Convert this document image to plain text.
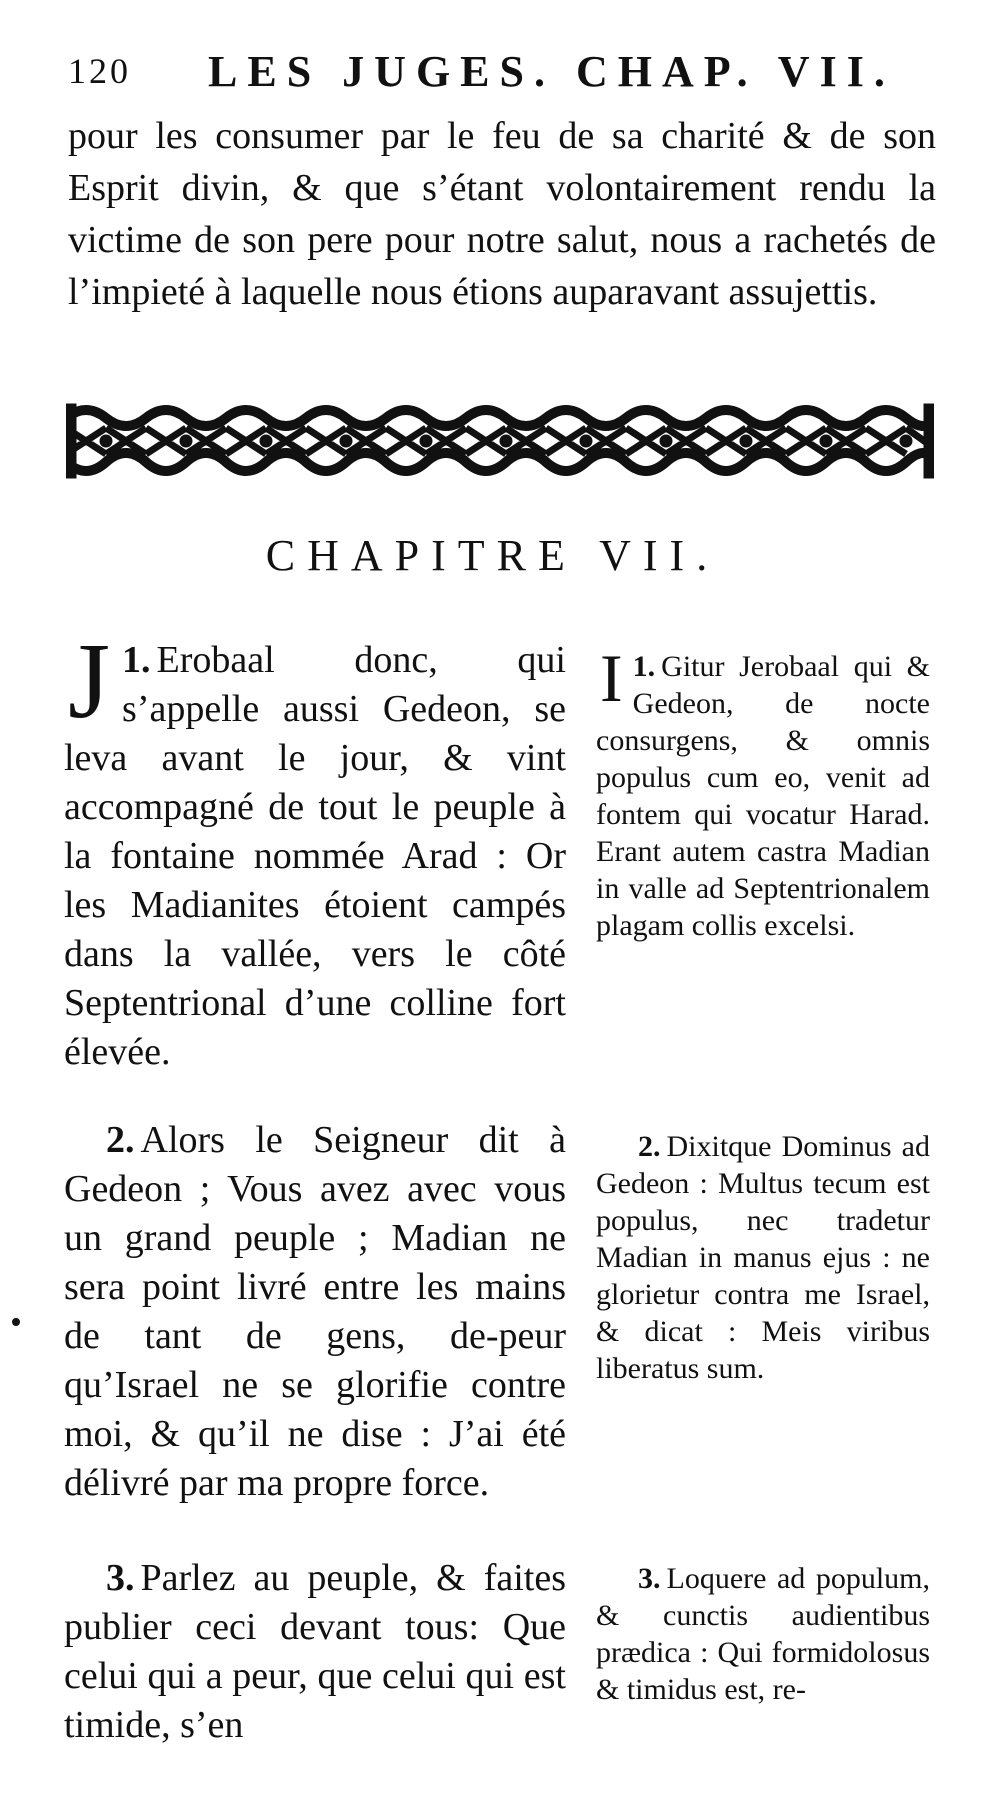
120 LES JUGES. CHAP. VII.
pour les consumer par le feu de sa charité & de son Esprit divin, & que s’étant volontairement rendu la victime de son pere pour notre salut, nous a rachetés de l’impieté à laquelle nous étions auparavant assujettis.
CHAPITRE VII.
1.
J Erobaal donc, qui s’appelle aussi Gedeon, se leva avant le jour, & vint accompagné de tout le peuple à la fontaine nommée Arad : Or les Madianites étoient campés dans la vallée, vers le côté Septentrional d’une colline fort élevée.
1.
I Gitur Jerobaal qui & Gedeon, de nocte consurgens, & omnis populus cum eo, venit ad fontem qui vocatur Harad. Erant autem castra Madian in valle ad Septentrionalem plagam collis excelsi.
2. Alors le Seigneur dit à Gedeon ; Vous avez avec vous un grand peuple ; Madian ne sera point livré entre les mains de tant de gens, de-peur qu’Israel ne se glorifie contre moi, & qu’il ne dise : J’ai été délivré par ma propre force.
2. Dixitque Dominus ad Gedeon : Multus tecum est populus, nec tradetur Madian in manus ejus : ne glorietur contra me Israel, & dicat : Meis viribus liberatus sum.
3. Parlez au peuple, & faites publier ceci devant tous: Que celui qui a peur, que celui qui est timide, s’en
3. Loquere ad populum, & cunctis audientibus prædica : Qui formidolosus & timidus est, re-
